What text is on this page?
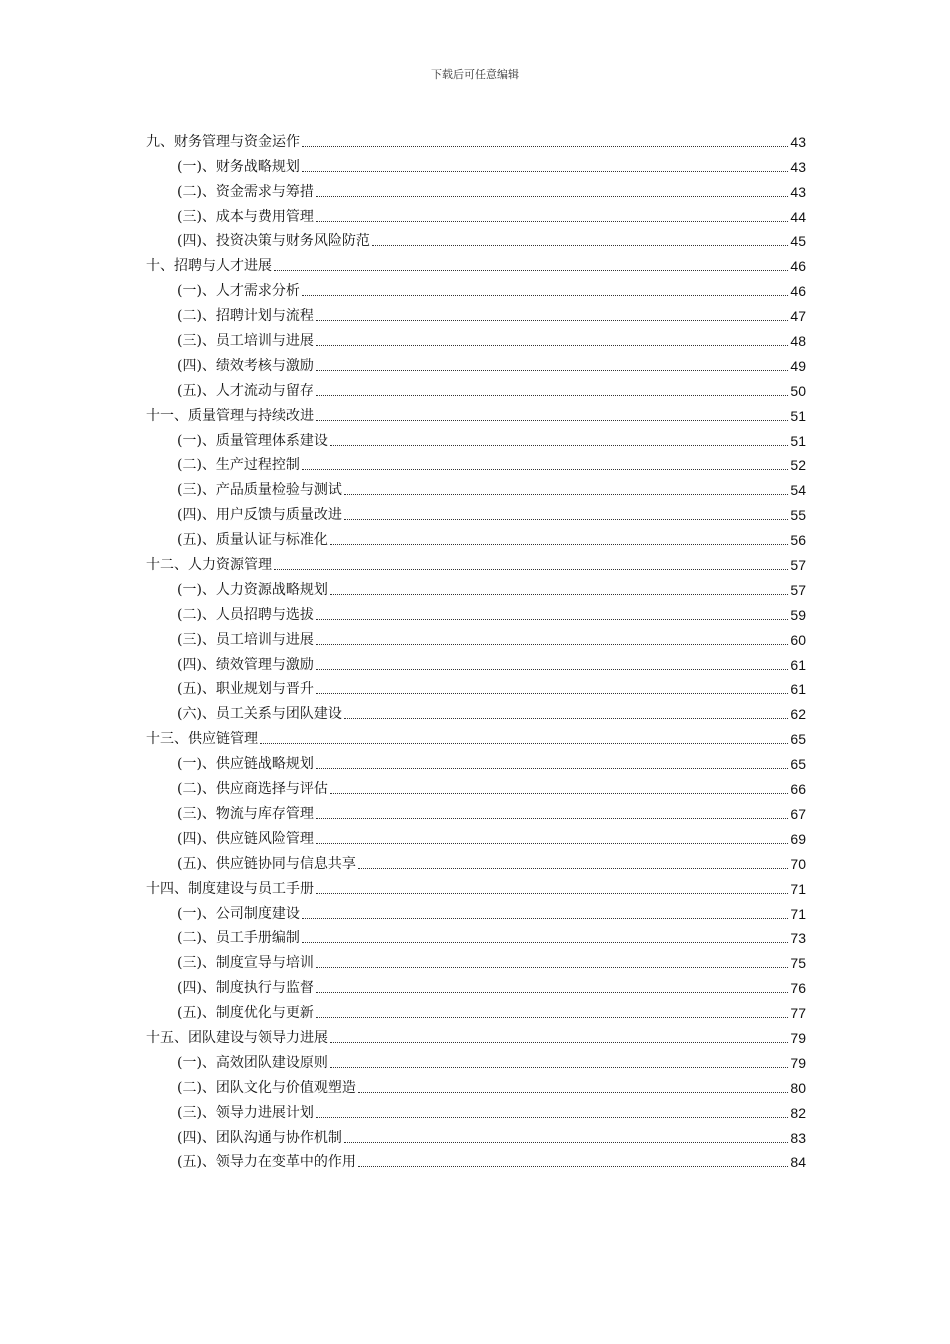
下载后可任意编辑
九、财务管理与资金运作	43
(一)、财务战略规划	43
(二)、资金需求与筹措	43
(三)、成本与费用管理	44
(四)、投资决策与财务风险防范	45
十、招聘与人才进展	46
(一)、人才需求分析	46
(二)、招聘计划与流程	47
(三)、员工培训与进展	48
(四)、绩效考核与激励	49
(五)、人才流动与留存	50
十一、质量管理与持续改进	51
(一)、质量管理体系建设	51
(二)、生产过程控制	52
(三)、产品质量检验与测试	54
(四)、用户反馈与质量改进	55
(五)、质量认证与标准化	56
十二、人力资源管理	57
(一)、人力资源战略规划	57
(二)、人员招聘与选拔	59
(三)、员工培训与进展	60
(四)、绩效管理与激励	61
(五)、职业规划与晋升	61
(六)、员工关系与团队建设	62
十三、供应链管理	65
(一)、供应链战略规划	65
(二)、供应商选择与评估	66
(三)、物流与库存管理	67
(四)、供应链风险管理	69
(五)、供应链协同与信息共享	70
十四、制度建设与员工手册	71
(一)、公司制度建设	71
(二)、员工手册编制	73
(三)、制度宣导与培训	75
(四)、制度执行与监督	76
(五)、制度优化与更新	77
十五、团队建设与领导力进展	79
(一)、高效团队建设原则	79
(二)、团队文化与价值观塑造	80
(三)、领导力进展计划	82
(四)、团队沟通与协作机制	83
(五)、领导力在变革中的作用	84
